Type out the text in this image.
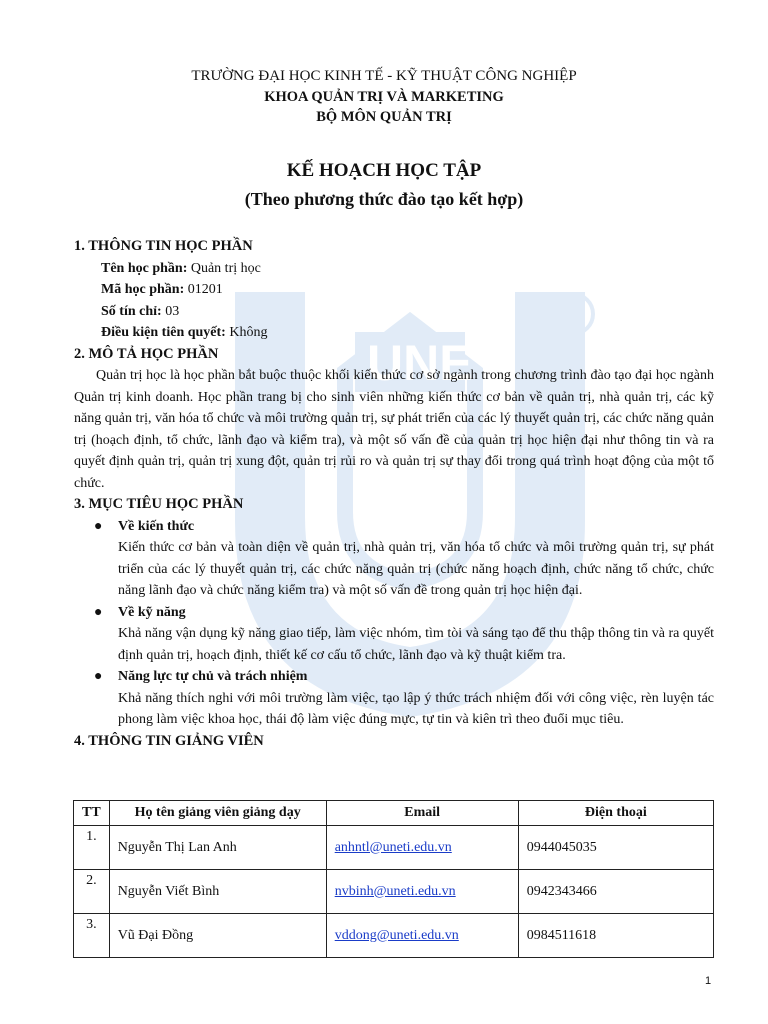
R
UNETI
TRƯỜNG ĐẠI HỌC KINH TẾ - KỸ THUẬT CÔNG NGHIỆP
KHOA QUẢN TRỊ VÀ MARKETING
BỘ MÔN QUẢN TRỊ
KẾ HOẠCH HỌC TẬP
(Theo phương thức đào tạo kết hợp)
1. THÔNG TIN HỌC PHẦN
Tên học phần: Quản trị học
Mã học phần: 01201
Số tín chỉ: 03
Điều kiện tiên quyết: Không
2. MÔ TẢ HỌC PHẦN
Quản trị học là học phần bắt buộc thuộc khối kiến thức cơ sở ngành trong chương trình đào tạo đại học ngành Quản trị kinh doanh. Học phần trang bị cho sinh viên những kiến thức cơ bản về quản trị, nhà quản trị, các kỹ năng quản trị, văn hóa tổ chức và môi trường quản trị, sự phát triển của các lý thuyết quản trị, các chức năng quản trị (hoạch định, tổ chức, lãnh đạo và kiểm tra), và một số vấn đề của quản trị học hiện đại như thông tin và ra quyết định quản trị, quản trị xung đột, quản trị rủi ro và quản trị sự thay đổi trong quá trình hoạt động của một tổ chức.
3. MỤC TIÊU HỌC PHẦN
● Về kiến thức
Kiến thức cơ bản và toàn diện về quản trị, nhà quản trị, văn hóa tổ chức và môi trường quản trị, sự phát triển của các lý thuyết quản trị, các chức năng quản trị (chức năng hoạch định, chức năng tổ chức, chức năng lãnh đạo và chức năng kiểm tra) và một số vấn đề trong quản trị học hiện đại.
● Về kỹ năng
Khả năng vận dụng kỹ năng giao tiếp, làm việc nhóm, tìm tòi và sáng tạo để thu thập thông tin và ra quyết định quản trị, hoạch định, thiết kế cơ cấu tổ chức, lãnh đạo và kỹ thuật kiểm tra.
● Năng lực tự chủ và trách nhiệm
Khả năng thích nghi với môi trường làm việc, tạo lập ý thức trách nhiệm đối với công việc, rèn luyện tác phong làm việc khoa học, thái độ làm việc đúng mực, tự tin và kiên trì theo đuổi mục tiêu.
4. THÔNG TIN GIẢNG VIÊN
TT	Họ tên giảng viên giảng dạy	Email	Điện thoại
1.	Nguyễn Thị Lan Anh	anhntl@uneti.edu.vn	0944045035
2.	Nguyễn Viết Bình	nvbinh@uneti.edu.vn	0942343466
3.	Vũ Đại Đồng	vddong@uneti.edu.vn	0984511618
1
